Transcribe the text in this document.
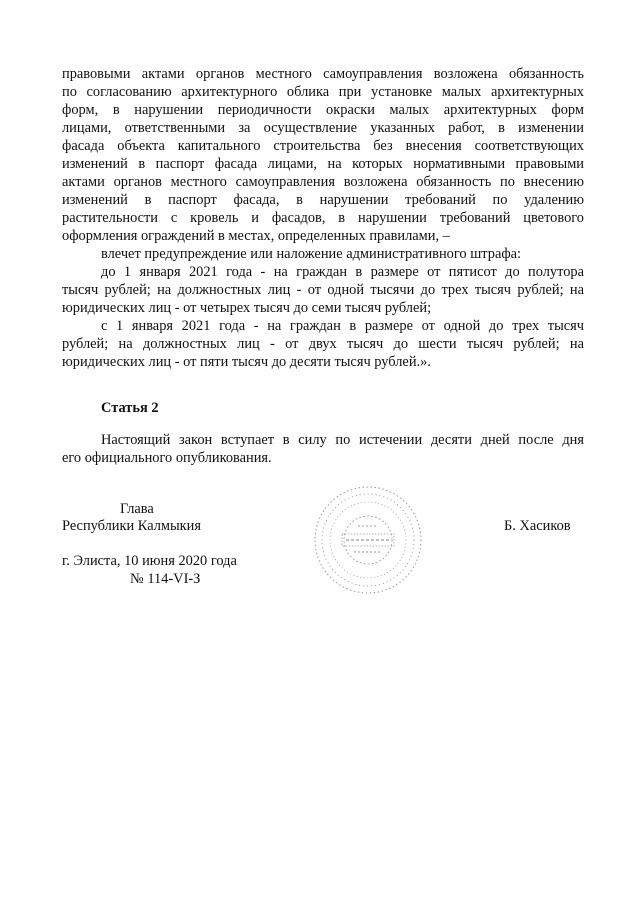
правовыми актами органов местного самоуправления возложена обязанность
по согласованию архитектурного облика при установке малых архитектурных
форм, в нарушении периодичности окраски малых архитектурных форм
лицами, ответственными за осуществление указанных работ, в изменении
фасада объекта капитального строительства без внесения соответствующих
изменений в паспорт фасада лицами, на которых нормативными правовыми
актами органов местного самоуправления возложена обязанность по внесению
изменений в паспорт фасада, в нарушении требований по удалению
растительности с кровель и фасадов, в нарушении требований цветового
оформления ограждений в местах, определенных правилами, –
влечет предупреждение или наложение административного штрафа:
до 1 января 2021 года - на граждан в размере от пятисот до полутора
тысяч рублей; на должностных лиц - от одной тысячи до трех тысяч рублей; на
юридических лиц - от четырех тысяч до семи тысяч рублей;
с 1 января 2021 года - на граждан в размере от одной до трех тысяч
рублей; на должностных лиц - от двух тысяч до шести тысяч рублей; на
юридических лиц - от пяти тысяч до десяти тысяч рублей.».
Статья 2
Настоящий закон вступает в силу по истечении десяти дней после дня
его официального опубликования.
Глава
Республики Калмыкия	Б. Хасиков
г. Элиста, 10 июня 2020 года
№ 114-VI-З
